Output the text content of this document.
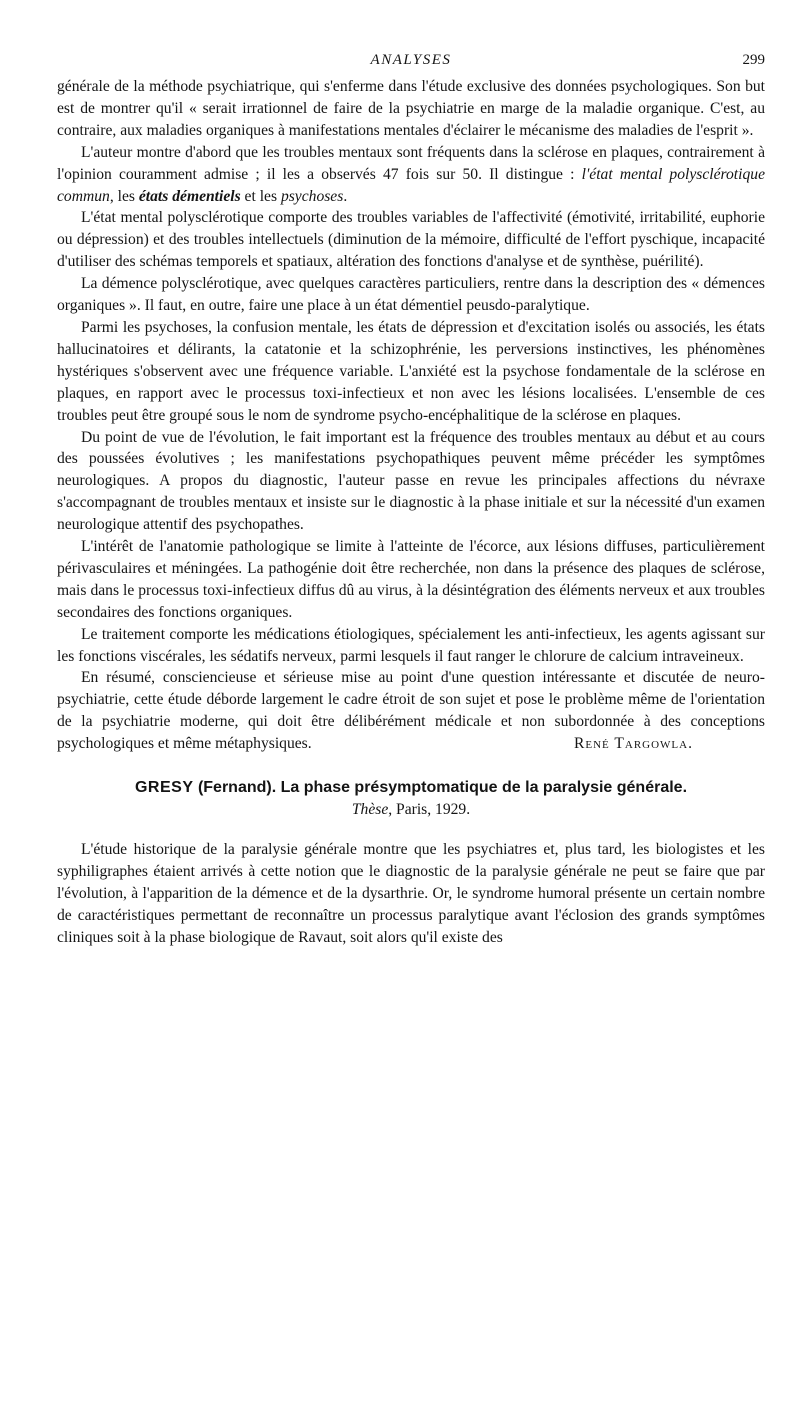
ANALYSES	299

générale de la méthode psychiatrique, qui s'enferme dans l'étude exclusive des données psychologiques. Son but est de montrer qu'il « serait irrationnel de faire de la psychiatrie en marge de la maladie organique. C'est, au contraire, aux maladies organiques à manifestations mentales d'éclairer le mécanisme des maladies de l'esprit ».

L'auteur montre d'abord que les troubles mentaux sont fréquents dans la sclérose en plaques, contrairement à l'opinion couramment admise ; il les a observés 47 fois sur 50. Il distingue : l'état mental polysclérotique commun, les états démentiels et les psychoses.

L'état mental polysclérotique comporte des troubles variables de l'affectivité (émotivité, irritabilité, euphorie ou dépression) et des troubles intellectuels (diminution de la mémoire, difficulté de l'effort pyschique, incapacité d'utiliser des schémas temporels et spatiaux, altération des fonctions d'analyse et de synthèse, puérilité).

La démence polysclérotique, avec quelques caractères particuliers, rentre dans la description des « démences organiques ». Il faut, en outre, faire une place à un état démentiel peusdo-paralytique.

Parmi les psychoses, la confusion mentale, les états de dépression et d'excitation isolés ou associés, les états hallucinatoires et délirants, la catatonie et la schizophrénie, les perversions instinctives, les phénomènes hystériques s'observent avec une fréquence variable. L'anxiété est la psychose fondamentale de la sclérose en plaques, en rapport avec le processus toxi-infectieux et non avec les lésions localisées. L'ensemble de ces troubles peut être groupé sous le nom de syndrome psycho-encéphalitique de la sclérose en plaques.

Du point de vue de l'évolution, le fait important est la fréquence des troubles mentaux au début et au cours des poussées évolutives ; les manifestations psychopathiques peuvent même précéder les symptômes neurologiques. A propos du diagnostic, l'auteur passe en revue les principales affections du névraxe s'accompagnant de troubles mentaux et insiste sur le diagnostic à la phase initiale et sur la nécessité d'un examen neurologique attentif des psychopathes.

L'intérêt de l'anatomie pathologique se limite à l'atteinte de l'écorce, aux lésions diffuses, particulièrement périvasculaires et méningées. La pathogénie doit être recherchée, non dans la présence des plaques de sclérose, mais dans le processus toxi-infectieux diffus dû au virus, à la désintégration des éléments nerveux et aux troubles secondaires des fonctions organiques.

Le traitement comporte les médications étiologiques, spécialement les anti-infectieux, les agents agissant sur les fonctions viscérales, les sédatifs nerveux, parmi lesquels il faut ranger le chlorure de calcium intraveineux.

En résumé, consciencieuse et sérieuse mise au point d'une question intéressante et discutée de neuro-psychiatrie, cette étude déborde largement le cadre étroit de son sujet et pose le problème même de l'orientation de la psychiatrie moderne, qui doit être délibérément médicale et non subordonnée à des conceptions psychologiques et même métaphysiques.	René Targowla.
GRESY (Fernand). La phase présymptomatique de la paralysie générale.
Thèse, Paris, 1929.

L'étude historique de la paralysie générale montre que les psychiatres et, plus tard, les biologistes et les syphiligraphes étaient arrivés à cette notion que le diagnostic de la paralysie générale ne peut se faire que par l'évolution, à l'apparition de la démence et de la dysarthrie. Or, le syndrome humoral présente un certain nombre de caractéristiques permettant de reconnaître un processus paralytique avant l'éclosion des grands symptômes cliniques soit à la phase biologique de Ravaut, soit alors qu'il existe des
